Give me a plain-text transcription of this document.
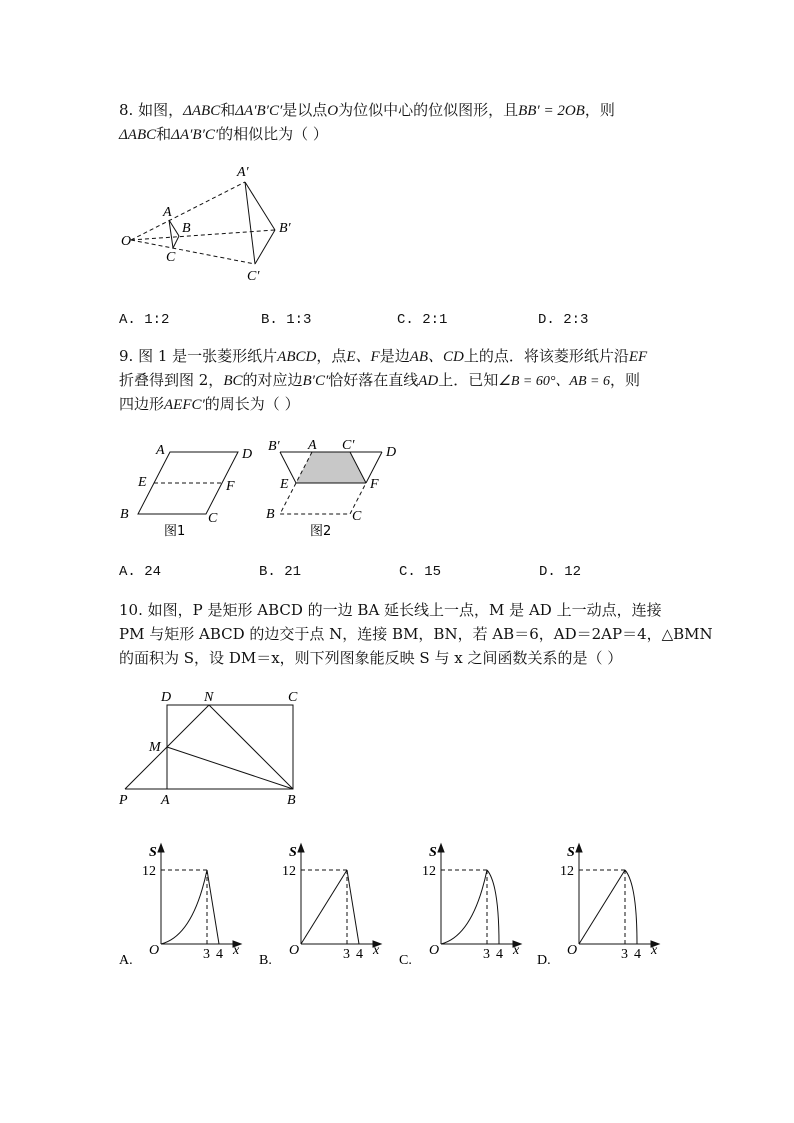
8. 如图，ΔABC和ΔA′B′C′是以点O为位似中心的位似图形，且BB′ = 2OB，则
ΔABC和ΔA′B′C′的相似比为（ ）
O
A
B
C
A′
B′
C′
A. 1:2	B. 1:3	C. 2:1	D. 2:3
9. 图 1 是一张菱形纸片ABCD，点E、F是边AB、CD上的点．将该菱形纸片沿EF
折叠得到图 2，BC的对应边B′C′恰好落在直线AD上．已知∠B = 60°、AB = 6，则
四边形AEFC′的周长为（ ）
A	D
E	F
B	C
图1
B′ A C′ D
E	F
B	C
图2
A. 24	B. 21	C. 15	D. 12
10. 如图，P 是矩形 ABCD 的一边 BA 延长线上一点，M 是 AD 上一动点，连接
PM 与矩形 ABCD 的边交于点 N，连接 BM，BN，若 AB＝6，AD＝2AP＝4，△BMN
的面积为 S，设 DM＝x，则下列图象能反映 S 与 x 之间函数关系的是（ ）
D N	C
M
P A	B
S
12
O	3 4 x
A.
S
12
O	3 4 x
B.
S
12
O	3 4 x
C.
S
12
O	3 4 x
D.
